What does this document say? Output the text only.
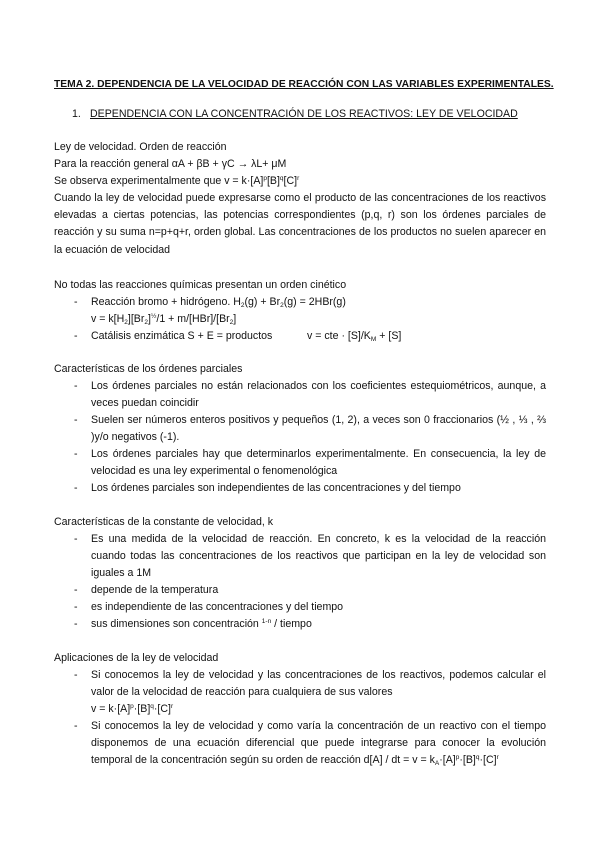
TEMA 2. DEPENDENCIA DE LA VELOCIDAD DE REACCIÓN CON LAS VARIABLES EXPERIMENTALES.
1. DEPENDENCIA CON LA CONCENTRACIÓN DE LOS REACTIVOS: LEY DE VELOCIDAD
Ley de velocidad. Orden de reacción
Para la reacción general αA + βB + γC → λL+ μM
Se observa experimentalmente que $v = k\cdot[A]^p[B]^q[C]^r$
Cuando la ley de velocidad puede expresarse como el producto de las concentraciones de los reactivos elevadas a ciertas potencias, las potencias correspondientes (p,q, r) son los órdenes parciales de reacción y su suma n=p+q+r, orden global. Las concentraciones de los productos no suelen aparecer en la ecuación de velocidad
No todas las reacciones químicas presentan un orden cinético
- Reacción bromo + hidrógeno. $H_2(g) + Br_2(g) = 2HBr(g)$
$v = k[H_2][Br_2]^{\frac{1}{2}}/1 + m/[HBr]/[Br_2]$
- Catálisis enzimática S + E = productos	v = cte · $[S]/K_M + [S]$
Características de los órdenes parciales
- Los órdenes parciales no están relacionados con los coeficientes estequiométricos, aunque, a veces puedan coincidir
- Suelen ser números enteros positivos y pequeños (1, 2), a veces son 0 fraccionarios (½ , ⅓ , ⅔ )y/o negativos (-1).
- Los órdenes parciales hay que determinarlos experimentalmente. En consecuencia, la ley de velocidad es una ley experimental o fenomenológica
- Los órdenes parciales son independientes de las concentraciones y del tiempo
Características de la constante de velocidad, k
- Es una medida de la velocidad de reacción. En concreto, k es la velocidad de la reacción cuando todas las concentraciones de los reactivos que participan en la ley de velocidad son iguales a 1M
- depende de la temperatura
- es independiente de las concentraciones y del tiempo
- sus dimensiones son concentración $^{1-n}$ / tiempo
Aplicaciones de la ley de velocidad
- Si conocemos la ley de velocidad y las concentraciones de los reactivos, podemos calcular el valor de la velocidad de reacción para cualquiera de sus valores
$v = k\cdot[A]^p\cdot[B]^q\cdot[C]^r$
- Si conocemos la ley de velocidad y como varía la concentración de un reactivo con el tiempo disponemos de una ecuación diferencial que puede integrarse para conocer la evolución temporal de la concentración según su orden de reacción d[A] / dt = $v = k_A\cdot[A]^p\cdot[B]^q\cdot[C]^r$
